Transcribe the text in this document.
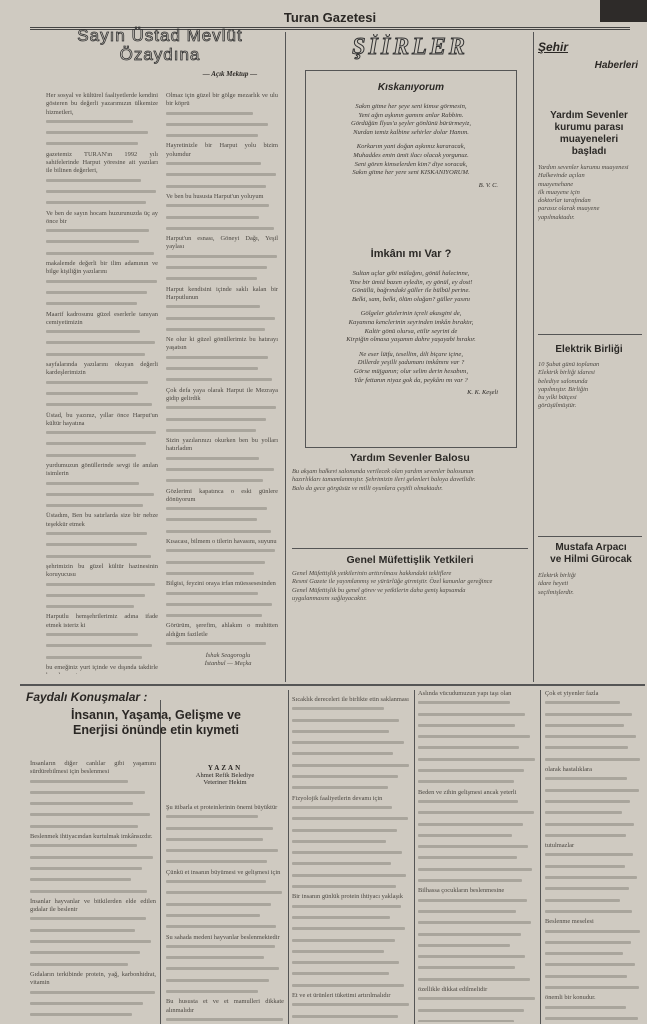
Turan Gazetesi
Sayın Üstad Mevlüt
Özaydına
— Açık Mektup —
Her sosyal ve kültürel faaliyetlerde kendini gösteren bu değerli yazarımızın ülkemize hizmetleri,
gazetemiz TURAN'ın 1992 yılı sahifelerinde Harput yöresine ait yazıları ile bilinen değerleri,
Ve ben de sayın hocam huzurunuzda üç ay önce bir
makalemde değerli bir ilim adamının ve bilge kişiliğin yazılarını
Maarif kadrosunu güzel eserlerle tanıyan cemiyetimizin
sayfalarında yazılarını okuyan değerli kardeşlerimizin
Üstad, bu yazınız, yıllar önce Harput'un kültür hayatına
yurdumuzun gönüllerinde sevgi ile anılan isimlerin
Üstadım, Ben bu satırlarda size bir nebze teşekkür etmek
şehrimizin bu güzel kültür hazinesinin koruyucusu
Harputlu hemşehrilerimiz adına ifade etmek isteriz ki
bu emeğiniz yurt içinde ve dışında takdirle
Olmaz için güzel bir gölge mezarlık ve ulu bir köprü
Hayretinizle bir Harput yolu bizim yolumdur
Ve ben bu hususta Harput'un yoluyum
Harput'un esnası, Göneyi Dağı, Yeşil yaylası
Harput kendisini içinde saklı kalan bir Harputlunun
Ne olur ki güzel gönüllerimiz bu hatırayı yaşatsın
Çok defa yaya olarak Harput ile Mezraya gidip gelirdik
Sizin yazılarınızı okurken ben bu yolları hatırladım
Gözlerimi kapatınca o eski günlere dönüyorum
Kısacası, bilmem o tilerin havasını, suyunu
Bilgisi, feyzini oraya irfan müessesesinden
Görürüm, şerefim, ahlakım o muhitten aldığım faziletle
İshak Seagoroglu
İstanbul — Meçka
ŞİİRLER
Kıskanıyorum
Sakın gitme her şeye seni kimse görmesin,
Yeni ağın aşkının gamını anlar Rabbim.
Gördüğün İlyas'a şeyler gönlünü bürürmeyiz,
Nurdan temiz kalbine sehirler dolar Hanım.
Korkarım yani doğan aşkımız kararacak,
Muhaddes emin ümit ilacı olacak yorgunuz.
Seni gören kimselerden kim? diye soracak,
Sakın gitme her yere seni KISKANIYORUM.
B. V. C.
İmkânı mı Var ?
Sultan uçlar gibi mülağını, gönül halecinne,
Yine bir ümid bazen eyledin, ey gönül, ey dost!
Gönüllü, bağrındaki güller ile bülbül perine.
Belki, sam, belki, ölüm olağan? güller yasını
Gölgeler gözlerinin içreli akasgini de,
Kayanına kenclerinin seyrinden imkân bıraktır,
Kaltir gönü olursa, etilir seyrini de
Kirpiğin olmasa yaşamın dahre yaşayabi hırakır.
Ne eser lütfu, tesellim, dili biçare içine,
Dillerde yeşilli şadumanı imkânını var ?
Görse müjganın; olur selim derin hesabını,
Yâr fettanın niyaz gok da, peykânı mı var ?
K. K. Keşeli
Yardım Sevenler Balosu
Bu akşam halkevi salonunda verilecek olan yardım sevenler balosunun
hazırlıkları tamamlanmıştır. Şehrimizin ileri gelenleri baloya davetlidir.
Balo da gece görgüsüz ve milli oyunlara çeşitli olmaktadır.
Genel Müfettişlik Yetkileri
Genel Müfettişlik yetkilerinin arttırılması hakkındaki tekliflere
Resmi Gazete ile yayımlanmış ve yürürlüğe girmiştir. Özel kanunlar gereğince
Genel Müfettişlik bu genel görev ve yetkilerin daha geniş kapsamda
uygulanmasını sağlayacaktır.
Şehir
Haberleri
Yardım Sevenler
kurumu parası
muayeneleri
başladı
Yardım sevenler kurumu muayenesi
Halkevinde açılan
muayenehane
ilk muayene için
doktorlar tarafından
parasız olarak muayene
yapılmaktadır.
Elektrik Birliği
10 Şubat günü toplanan
Elektrik birliği idaresi
belediye salonunda
yapılmıştır. Birliğin
bu yılki bütçesi
görüşülmüştür.
Mustafa Arpacı
ve Hilmi Gürocak
Elektrik birliği
idare heyeti
seçilmişlerdir.
Faydalı Konuşmalar :
İnsanın, Yaşama, Gelişme ve
Enerjisi önünde etin kıymeti
YAZAN
Ahmet Refik Belediye
Veteriner Hekim
İnsanların diğer canlılar gibi yaşamını sürdürebilmesi için beslenmesi
Beslenmek ihtiyacından kurtulmak imkânsızdır.
İnsanlar hayvanlar ve bitkilerden elde edilen gıdalar ile beslenir
Gıdaların terkibinde protein, yağ, karbonhidrat, vitamin
Şu itibarla et proteinlerinin önemi büyüktür
Çünkü et insanın büyümesi ve gelişmesi için
Su sahada medeni hayvanlar beslenmektedir
Bu hususta et ve et mamulleri dikkate alınmalıdır
Sıcaklık dereceleri ile birlikte etin saklanması
Fizyolojik faaliyetlerin devamı için
Bir insanın günlük protein ihtiyacı yaklaşık
Et ve et ürünleri tüketimi artırılmalıdır
Aslında vücudumuzun yapı taşı olan
Beden ve zihin gelişmesi ancak yeterli
Bilhassa çocukların beslenmesine
özellikle dikkat edilmelidir
Çok et yiyenler fazla
olarak hastalıklara
tutulmazlar
Beslenme meselesi
önemli bir konudur.
